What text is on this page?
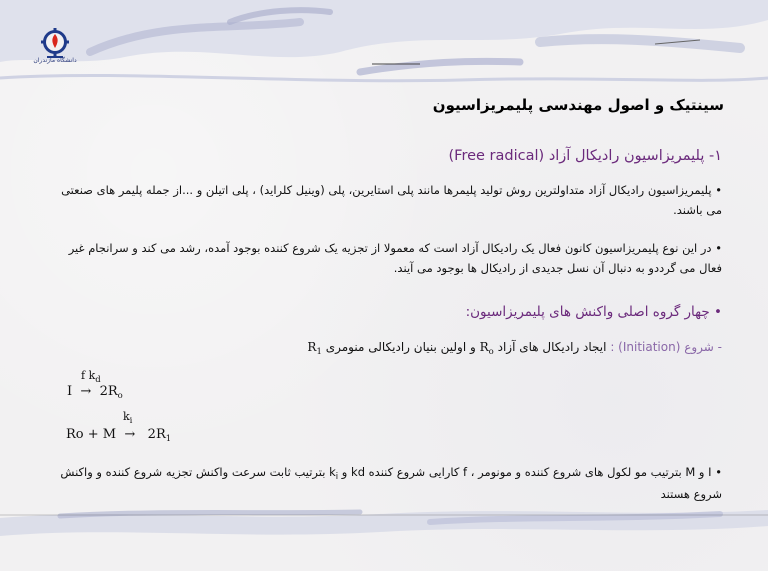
دانشگاه مازندران
سینتیک و اصول مهندسی پلیمریزاسیون
۱- پلیمریزاسیون رادیکال آزاد (Free radical)
• پلیمریزاسیون رادیکال آزاد متداولترین روش تولید پلیمرها مانند پلی استایرین، پلی (وینیل کلراید) ، پلی اتیلن و ...از جمله پلیمر های صنعتی می باشند.
• در این نوع پلیمریزاسیون کانون فعال یک رادیکال آزاد است که معمولا از تجزیه یک شروع کننده بوجود آمده، رشد می کند و سرانجام غیر فعال می گرددو به دنبال آن نسل جدیدی از رادیکال ها بوجود می آیند.
• چهار گروه اصلی واکنش های پلیمریزاسیون:
- شروع (Initiation) : ایجاد رادیکال های آزاد $R_o$ و اولین بنیان رادیکالی منومری $R_1$
f $k_d$
$I \to 2R_o$
$k_i$
$Ro + M \to 2R_1$
• I و M بترتیب مو لکول های شروع کننده و مونومر ، f کارایی شروع کننده kd و $k_i$ بترتیب ثابت سرعت واکنش تجزیه شروع کننده و واکنش شروع هستند
